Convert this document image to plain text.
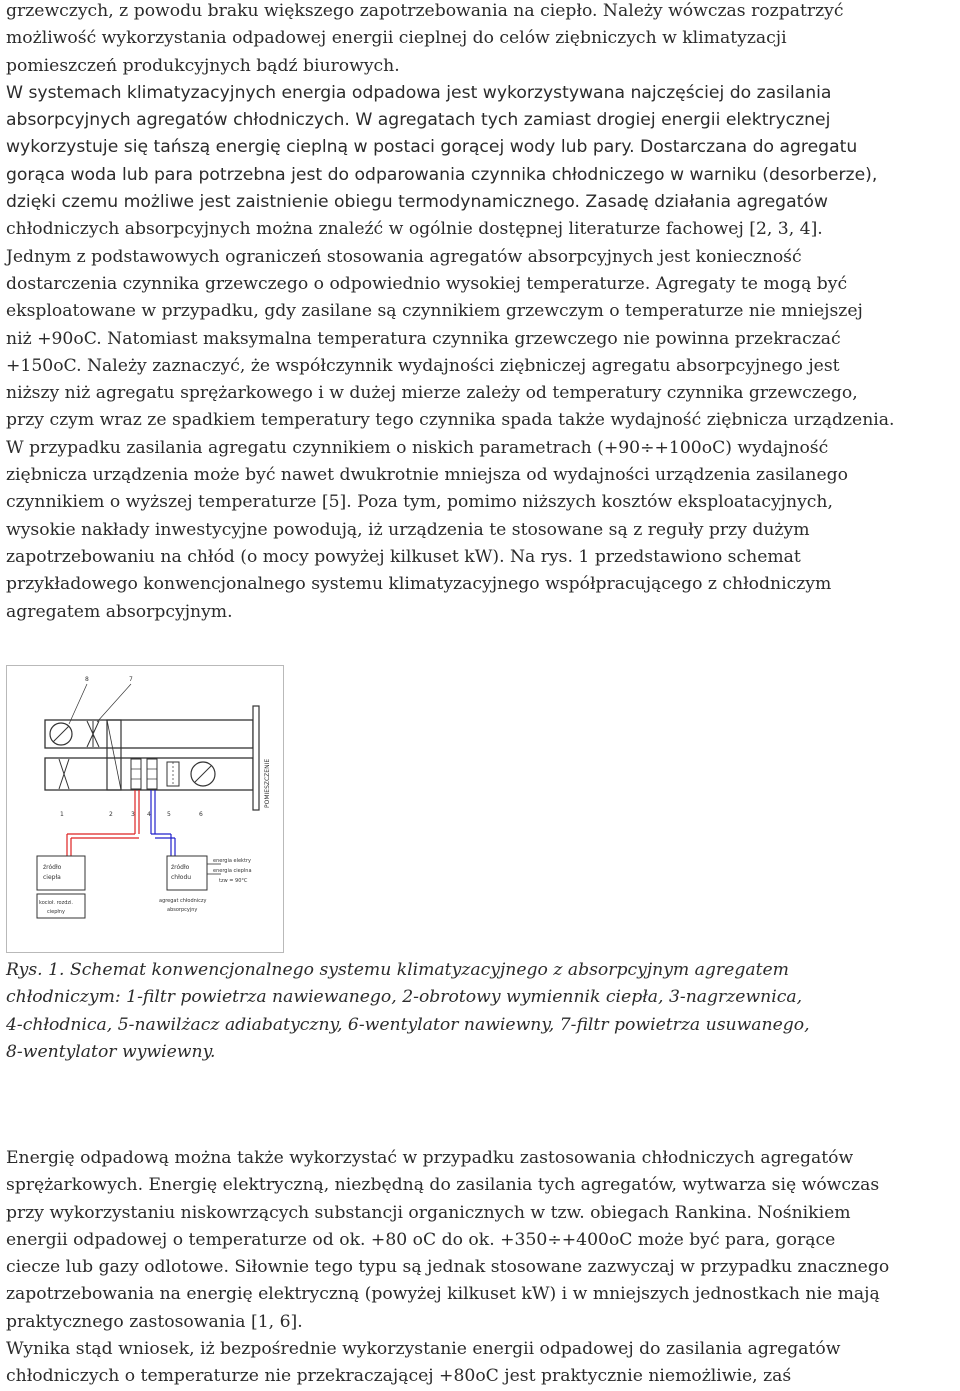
grzewczych, z powodu braku większego zapotrzebowania na ciepło. Należy wówczas rozpatrzyć
możliwość wykorzystania odpadowej energii cieplnej do celów ziębniczych w klimatyzacji
pomieszczeń produkcyjnych bądź biurowych.
W systemach klimatyzacyjnych energia odpadowa jest wykorzystywana najczęściej do zasilania
absorpcyjnych agregatów chłodniczych. W agregatach tych zamiast drogiej energii elektrycznej
wykorzystuje się tańszą energię cieplną w postaci gorącej wody lub pary. Dostarczana do agregatu
gorąca woda lub para potrzebna jest do odparowania czynnika chłodniczego w warniku (desorberze),
dzięki czemu możliwe jest zaistnienie obiegu termodynamicznego. Zasadę działania agregatów
chłodniczych absorpcyjnych można znaleźć w ogólnie dostępnej literaturze fachowej [2, 3, 4].
Jednym z podstawowych ograniczeń stosowania agregatów absorpcyjnych jest konieczność
dostarczenia czynnika grzewczego o odpowiednio wysokiej temperaturze. Agregaty te mogą być
eksploatowane w przypadku, gdy zasilane są czynnikiem grzewczym o temperaturze nie mniejszej
niż +90oC. Natomiast maksymalna temperatura czynnika grzewczego nie powinna przekraczać
+150oC. Należy zaznaczyć, że współczynnik wydajności ziębniczej agregatu absorpcyjnego jest
niższy niż agregatu sprężarkowego i w dużej mierze zależy od temperatury czynnika grzewczego,
przy czym wraz ze spadkiem temperatury tego czynnika spada także wydajność ziębnicza urządzenia.
W przypadku zasilania agregatu czynnikiem o niskich parametrach (+90÷+100oC) wydajność
ziębnicza urządzenia może być nawet dwukrotnie mniejsza od wydajności urządzenia zasilanego
czynnikiem o wyższej temperaturze [5]. Poza tym, pomimo niższych kosztów eksploatacyjnych,
wysokie nakłady inwestycyjne powodują, iż urządzenia te stosowane są z reguły przy dużym
zapotrzebowaniu na chłód (o mocy powyżej kilkuset kW). Na rys. 1 przedstawiono schemat
przykładowego konwencjonalnego systemu klimatyzacyjnego współpracującego z chłodniczym
agregatem absorpcyjnym.
POMIESZCZENIE
8	7
1	2	3 4	5	6
źródło
ciepła
kocioł. rozdzi.
ciepłny
źródło
chłodu
energia elektry
energia cieplna
tzw = 90°C
agregat chłodniczy
absorpcyjny
Rys. 1. Schemat konwencjonalnego systemu klimatyzacyjnego z absorpcyjnym agregatem
chłodniczym: 1-filtr powietrza nawiewanego, 2-obrotowy wymiennik ciepła, 3-nagrzewnica,
4-chłodnica, 5-nawilżacz adiabatyczny, 6-wentylator nawiewny, 7-filtr powietrza usuwanego,
8-wentylator wywiewny.
Energię odpadową można także wykorzystać w przypadku zastosowania chłodniczych agregatów
sprężarkowych. Energię elektryczną, niezbędną do zasilania tych agregatów, wytwarza się wówczas
przy wykorzystaniu niskowrzących substancji organicznych w tzw. obiegach Rankina. Nośnikiem
energii odpadowej o temperaturze od ok. +80 oC do ok. +350÷+400oC może być para, gorące
ciecze lub gazy odlotowe. Siłownie tego typu są jednak stosowane zazwyczaj w przypadku znacznego
zapotrzebowania na energię elektryczną (powyżej kilkuset kW) i w mniejszych jednostkach nie mają
praktycznego zastosowania [1, 6].
Wynika stąd wniosek, iż bezpośrednie wykorzystanie energii odpadowej do zasilania agregatów
chłodniczych o temperaturze nie przekraczającej +80oC jest praktycznie niemożliwie, zaś
